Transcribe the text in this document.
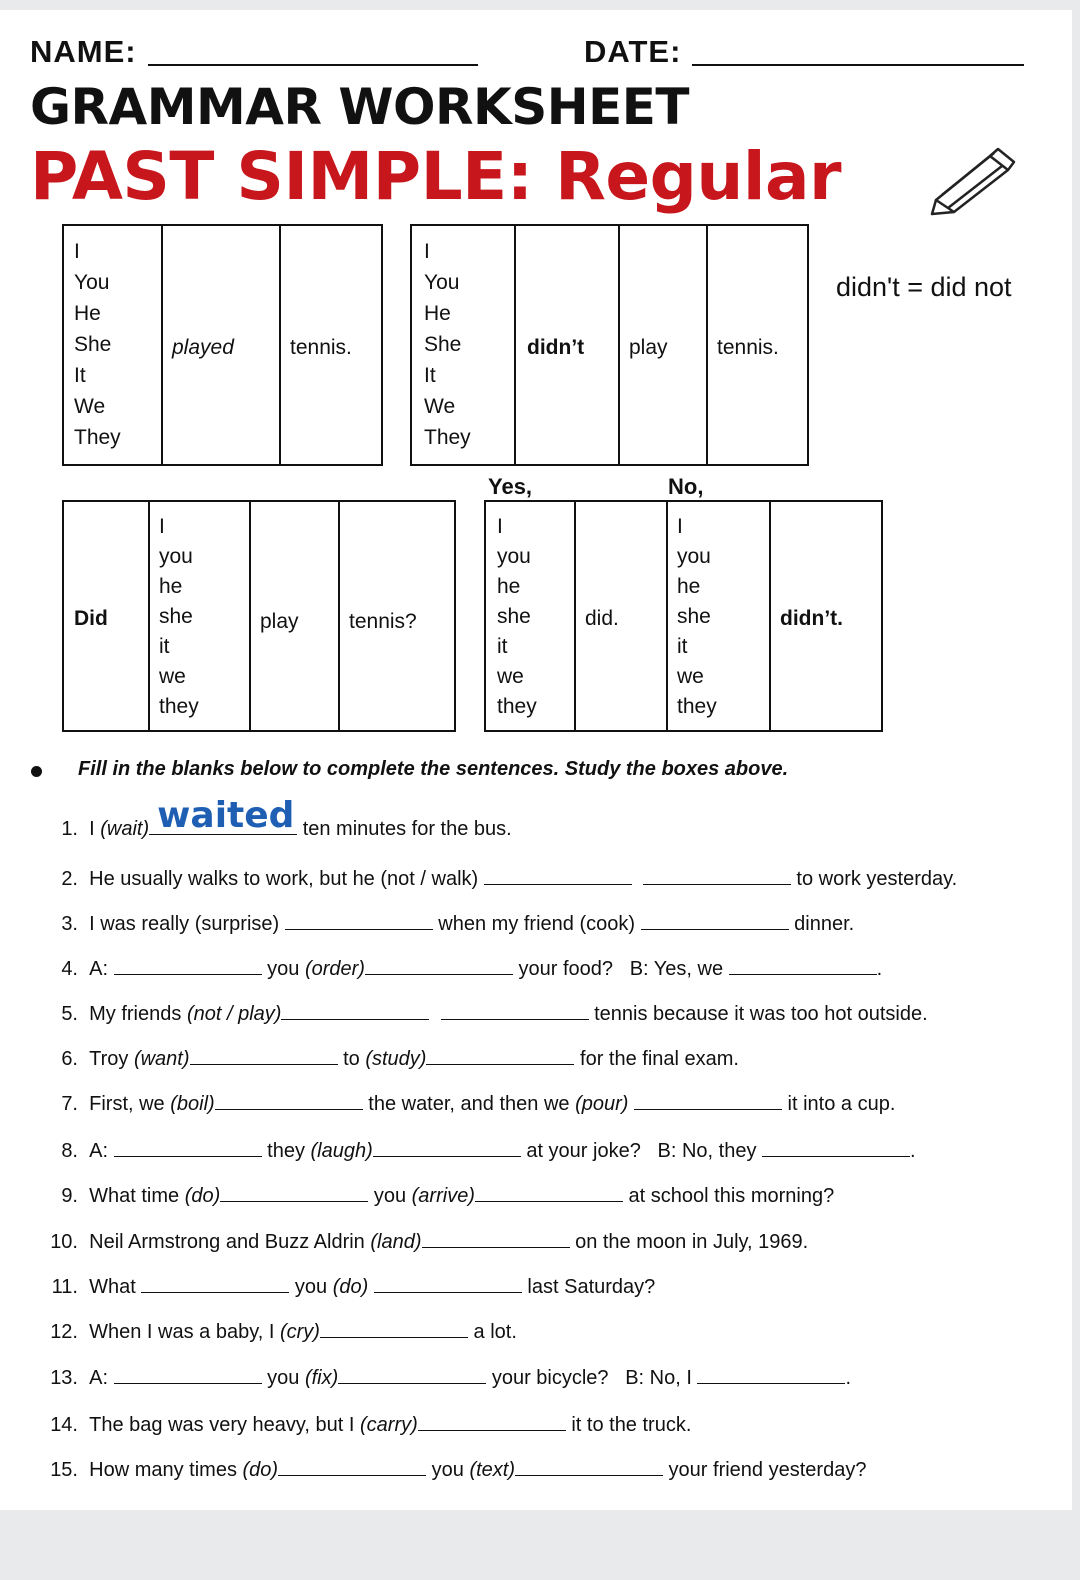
NAME:	DATE:
GRAMMAR WORKSHEET
PAST SIMPLE: Regular
I
You
He
She
It
We
They
played	tennis.
I
You
He
She
It
We
They
didn’t play tennis.
didn't = did not
Yes,	No,
Did
I
you
he
she
it
we
they
play tennis?
I
you
he
she
it
we
they
did.
I
you
he
she
it
we
they
didn’t.
Fill in the blanks below to complete the sentences. Study the boxes above.
1. I (wait) waited ten minutes for the bus.
2. He usually walks to work, but he (not / walk)	to work yesterday.
3. I was really (surprise)	when my friend (cook)	dinner.
4. A:	you (order)	your food?   B: Yes, we	.
5. My friends (not / play)	tennis because it was too hot outside.
6. Troy (want)	to (study)	for the final exam.
7. First, we (boil)	the water, and then we (pour)	it into a cup.
8. A:	they (laugh)	at your joke?   B: No, they	.
9. What time (do)	you (arrive)	at school this morning?
10. Neil Armstrong and Buzz Aldrin (land)	on the moon in July, 1969.
11. What	you (do)	last Saturday?
12. When I was a baby, I (cry)	a lot.
13. A:	you (fix)	your bicycle?   B: No, I	.
14. The bag was very heavy, but I (carry)	it to the truck.
15. How many times (do)	you (text)	your friend yesterday?
